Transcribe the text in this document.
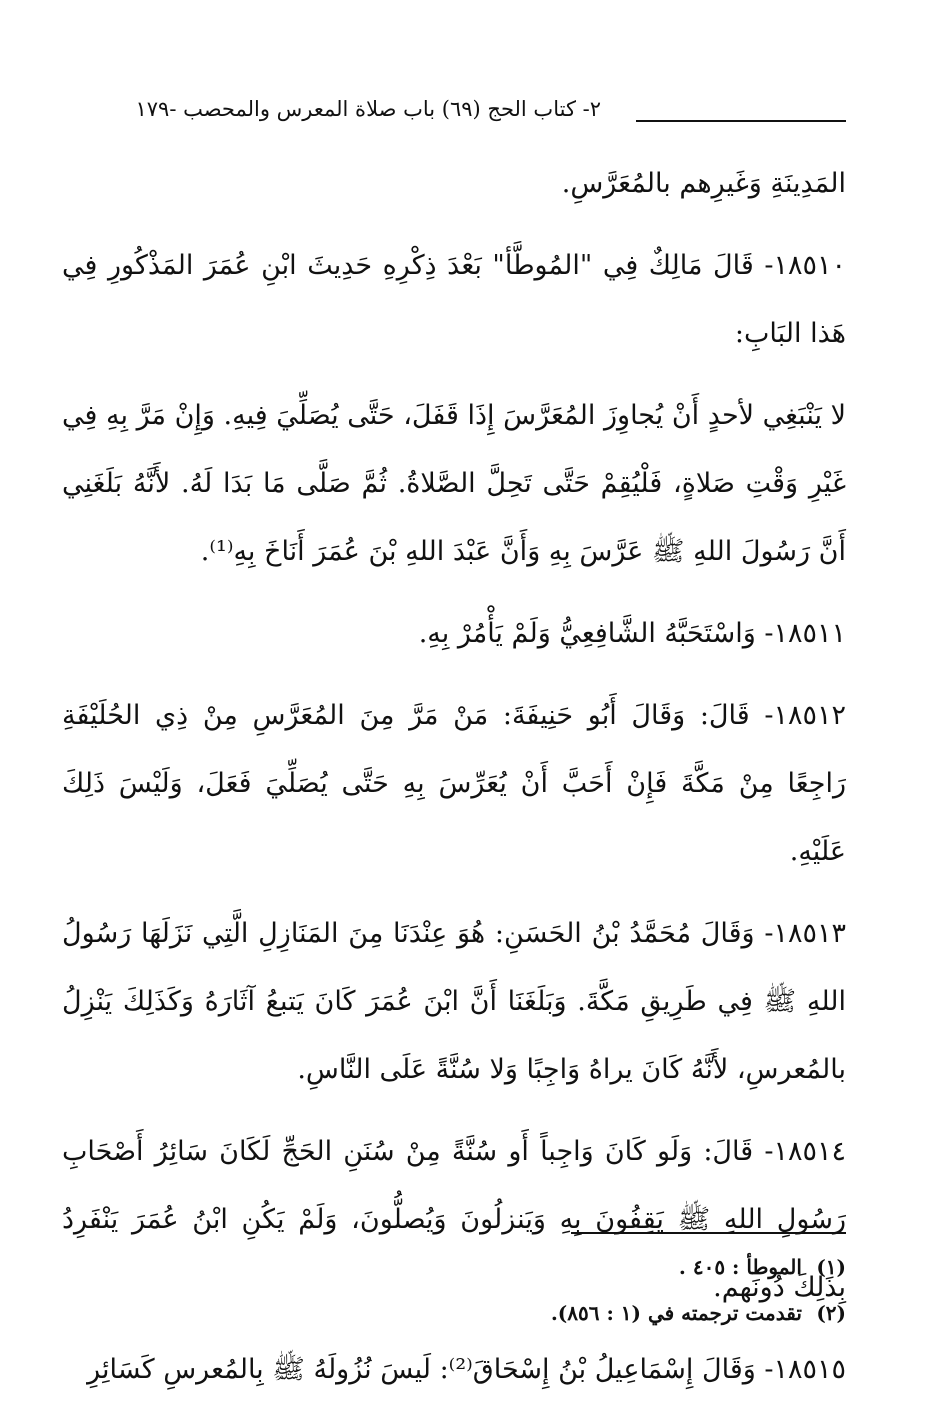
٢- كتاب الحج (٦٩) باب صلاة المعرس والمحصب -١٧٩

المَدِينَةِ وَغَيرِهم بالمُعَرَّسِ.

١٨٥١٠- قَالَ مَالِكٌ فِي "المُوطَّأ" بَعْدَ ذِكْرِهِ حَدِيثَ ابْنِ عُمَرَ المَذْكُورِ فِي هَذا البَابِ:

لا يَنْبَغِي لأحدٍ أَنْ يُجاوِزَ المُعَرَّسَ إِذَا قَفَلَ، حَتَّى يُصَلِّيَ فِيهِ. وَإِنْ مَرَّ بِهِ فِي غَيْرِ وَقْتِ صَلاةٍ، فَلْيُقِمْ حَتَّى تَحِلَّ الصَّلاةُ. ثُمَّ صَلَّى مَا بَدَا لَهُ. لأَنَّهُ بَلَغَنِي أَنَّ رَسُولَ اللهِ ﷺ عَرَّسَ بِهِ وَأَنَّ عَبْدَ اللهِ بْنَ عُمَرَ أَنَاخَ بِهِ⁽¹⁾.

١٨٥١١- وَاسْتَحَبَّهُ الشَّافِعِيُّ وَلَمْ يَأْمُرْ بِهِ.

١٨٥١٢- قَالَ: وَقَالَ أَبُو حَنِيفَةَ: مَنْ مَرَّ مِنَ المُعَرَّسِ مِنْ ذِي الحُلَيْفَةِ رَاجِعًا مِنْ مَكَّةَ فَإِنْ أَحَبَّ أَنْ يُعَرِّسَ بِهِ حَتَّى يُصَلِّيَ فَعَلَ، وَلَيْسَ ذَلِكَ عَلَيْهِ.

١٨٥١٣- وَقَالَ مُحَمَّدُ بْنُ الحَسَنِ: هُوَ عِنْدَنَا مِنَ المَنَازِلِ الَّتِي نَزَلَهَا رَسُولُ اللهِ ﷺ فِي طَرِيقِ مَكَّةَ. وَبَلَغَنَا أَنَّ ابْنَ عُمَرَ كَانَ يَتبعُ آثَارَهُ وَكَذَلِكَ يَنْزِلُ بالمُعرسِ، لأَنَّهُ كَانَ يراهُ وَاجِبًا وَلا سُنَّةً عَلَى النَّاسِ.

١٨٥١٤- قَالَ: وَلَو كَانَ وَاجِباً أَو سُنَّةً مِنْ سُنَنِ الحَجِّ لَكَانَ سَائِرُ أَصْحَابِ رَسُولِ اللهِ ﷺ يَقِفُونَ بِهِ وَيَنزلُونَ وَيُصلُّونَ، وَلَمْ يَكُنِ ابْنُ عُمَرَ يَنْفَرِدُ بِذَلِكَ دُونَهم.

١٨٥١٥- وَقَالَ إِسْمَاعِيلُ بْنُ إِسْحَاقَ⁽²⁾: لَيسَ نُزُولَهُ ﷺ بِالمُعرسِ كَسَائِرِ

(١) الموطأ : ٤٠٥ .

(٢) تقدمت ترجمته في (١ : ٨٥٦).
